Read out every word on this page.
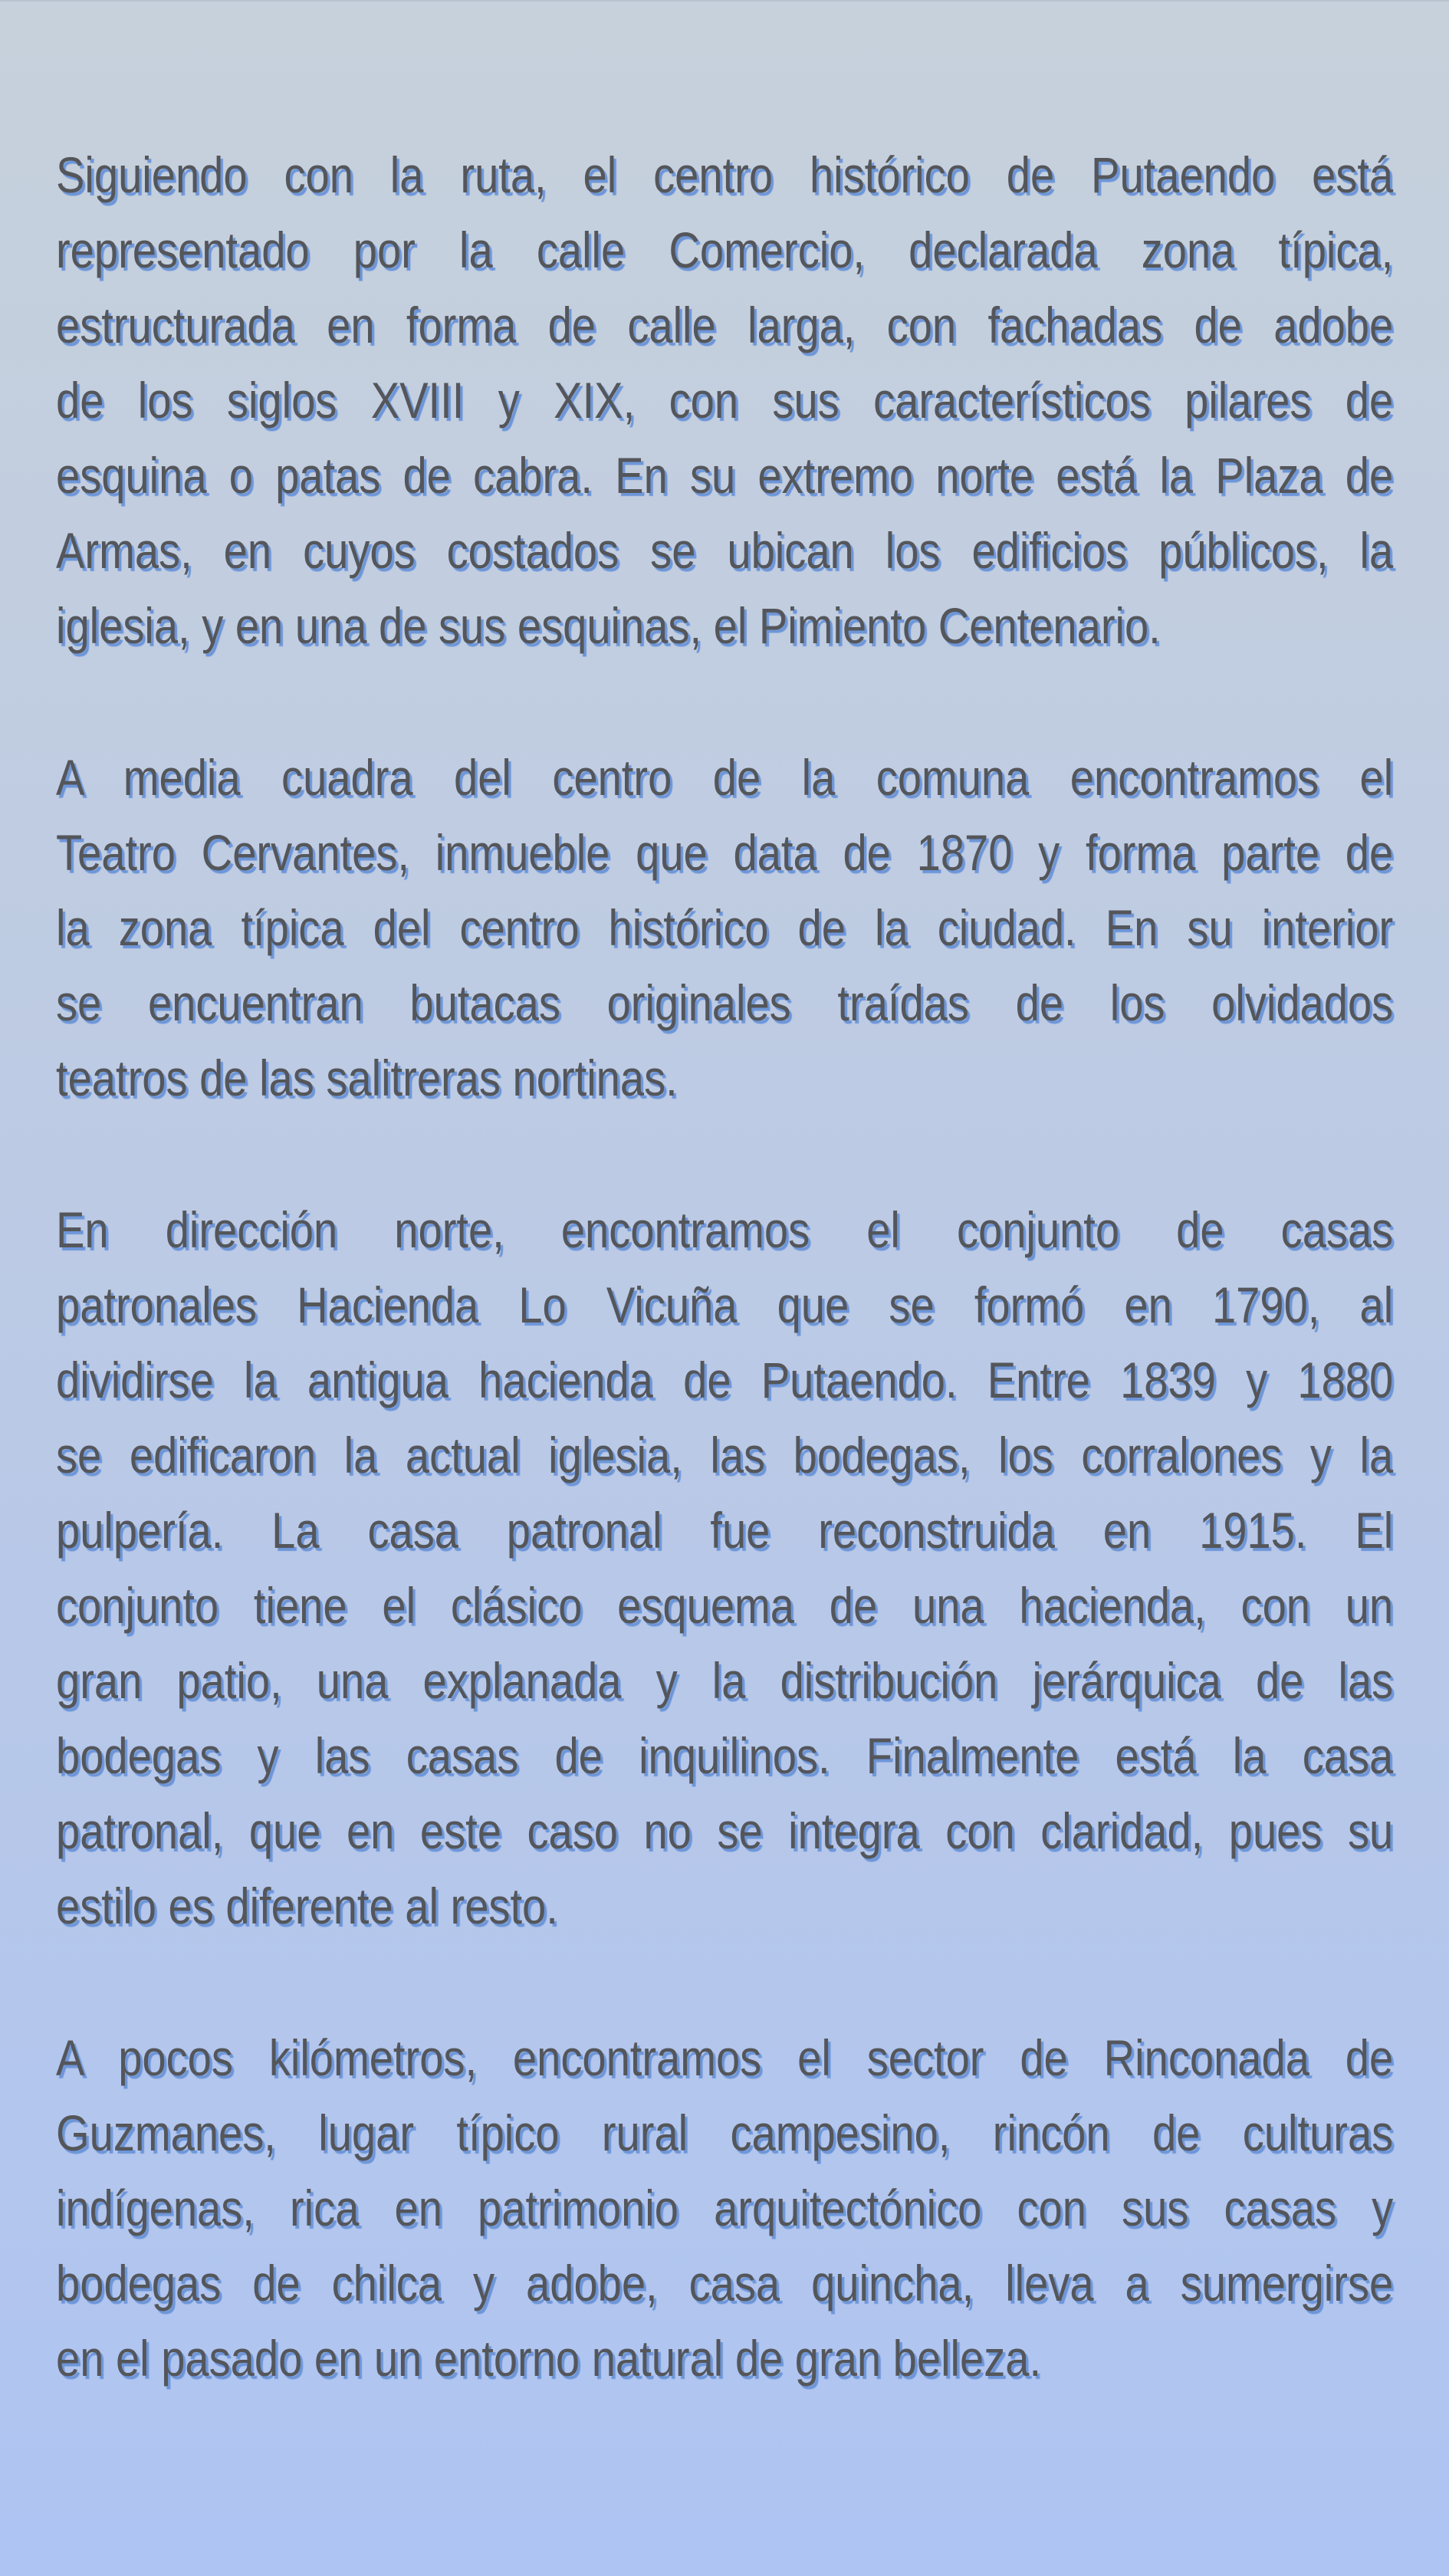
Siguiendo con la ruta, el centro histórico de Putaendo está
representado por la calle Comercio, declarada zona típica,
estructurada en forma de calle larga, con fachadas de adobe
de los siglos XVIII y XIX, con sus característicos pilares de
esquina o patas de cabra. En su extremo norte está la Plaza de
Armas, en cuyos costados se ubican los edificios públicos, la
iglesia, y en una de sus esquinas, el Pimiento Centenario.
A media cuadra del centro de la comuna encontramos el
Teatro Cervantes, inmueble que data de 1870 y forma parte de
la zona típica del centro histórico de la ciudad. En su interior
se encuentran butacas originales traídas de los olvidados
teatros de las salitreras nortinas.
En dirección norte, encontramos el conjunto de casas
patronales Hacienda Lo Vicuña que se formó en 1790, al
dividirse la antigua hacienda de Putaendo. Entre 1839 y 1880
se edificaron la actual iglesia, las bodegas, los corralones y la
pulpería. La casa patronal fue reconstruida en 1915. El
conjunto tiene el clásico esquema de una hacienda, con un
gran patio, una explanada y la distribución jerárquica de las
bodegas y las casas de inquilinos. Finalmente está la casa
patronal, que en este caso no se integra con claridad, pues su
estilo es diferente al resto.
A pocos kilómetros, encontramos el sector de Rinconada de
Guzmanes, lugar típico rural campesino, rincón de culturas
indígenas, rica en patrimonio arquitectónico con sus casas y
bodegas de chilca y adobe, casa quincha, lleva a sumergirse
en el pasado en un entorno natural de gran belleza.
